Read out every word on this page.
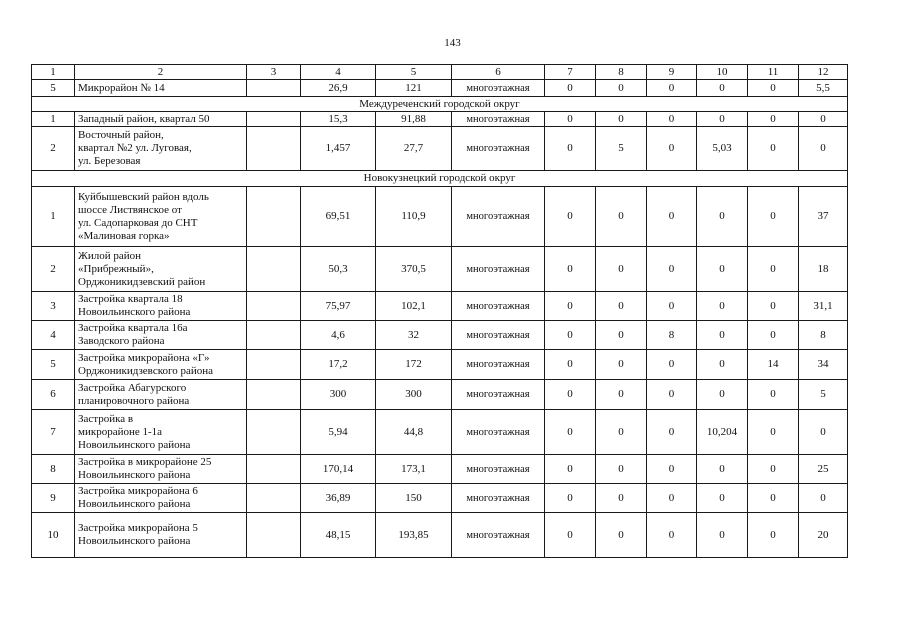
143
1	2	3	4	5	6	7	8	9	10	11	12
5	Микрорайон № 14		26,9	121	многоэтажная	0	0	0	0	0	5,5
Междуреченский городской округ											
1	Западный район, квартал 50		15,3	91,88	многоэтажная	0	0	0	0	0	0
2	Восточный район,
квартал №2 ул. Луговая,
ул. Березовая		1,457	27,7	многоэтажная	0	5	0	5,03	0	0
Новокузнецкий городской округ											
1	Куйбышевский район вдоль
шоссе Листвянское от
ул. Садопарковая до СНТ
«Малиновая горка»		69,51	110,9	многоэтажная	0	0	0	0	0	37
2	Жилой район
«Прибрежный»,
Орджоникидзевский район		50,3	370,5	многоэтажная	0	0	0	0	0	18
3	Застройка квартала 18
Новоильинского района		75,97	102,1	многоэтажная	0	0	0	0	0	31,1
4	Застройка квартала 16а
Заводского района		4,6	32	многоэтажная	0	0	8	0	0	8
5	Застройка микрорайона «Г»
Орджоникидзевского района		17,2	172	многоэтажная	0	0	0	0	14	34
6	Застройка Абагурского
планировочного района		300	300	многоэтажная	0	0	0	0	0	5
7	Застройка в
микрорайоне 1-1а
Новоильинского района		5,94	44,8	многоэтажная	0	0	0	10,204	0	0
8	Застройка в микрорайоне 25
Новоильинского района		170,14	173,1	многоэтажная	0	0	0	0	0	25
9	Застройка микрорайона 6
Новоильинского района		36,89	150	многоэтажная	0	0	0	0	0	0
10	Застройка микрорайона 5
Новоильинского района		48,15	193,85	многоэтажная	0	0	0	0	0	20
